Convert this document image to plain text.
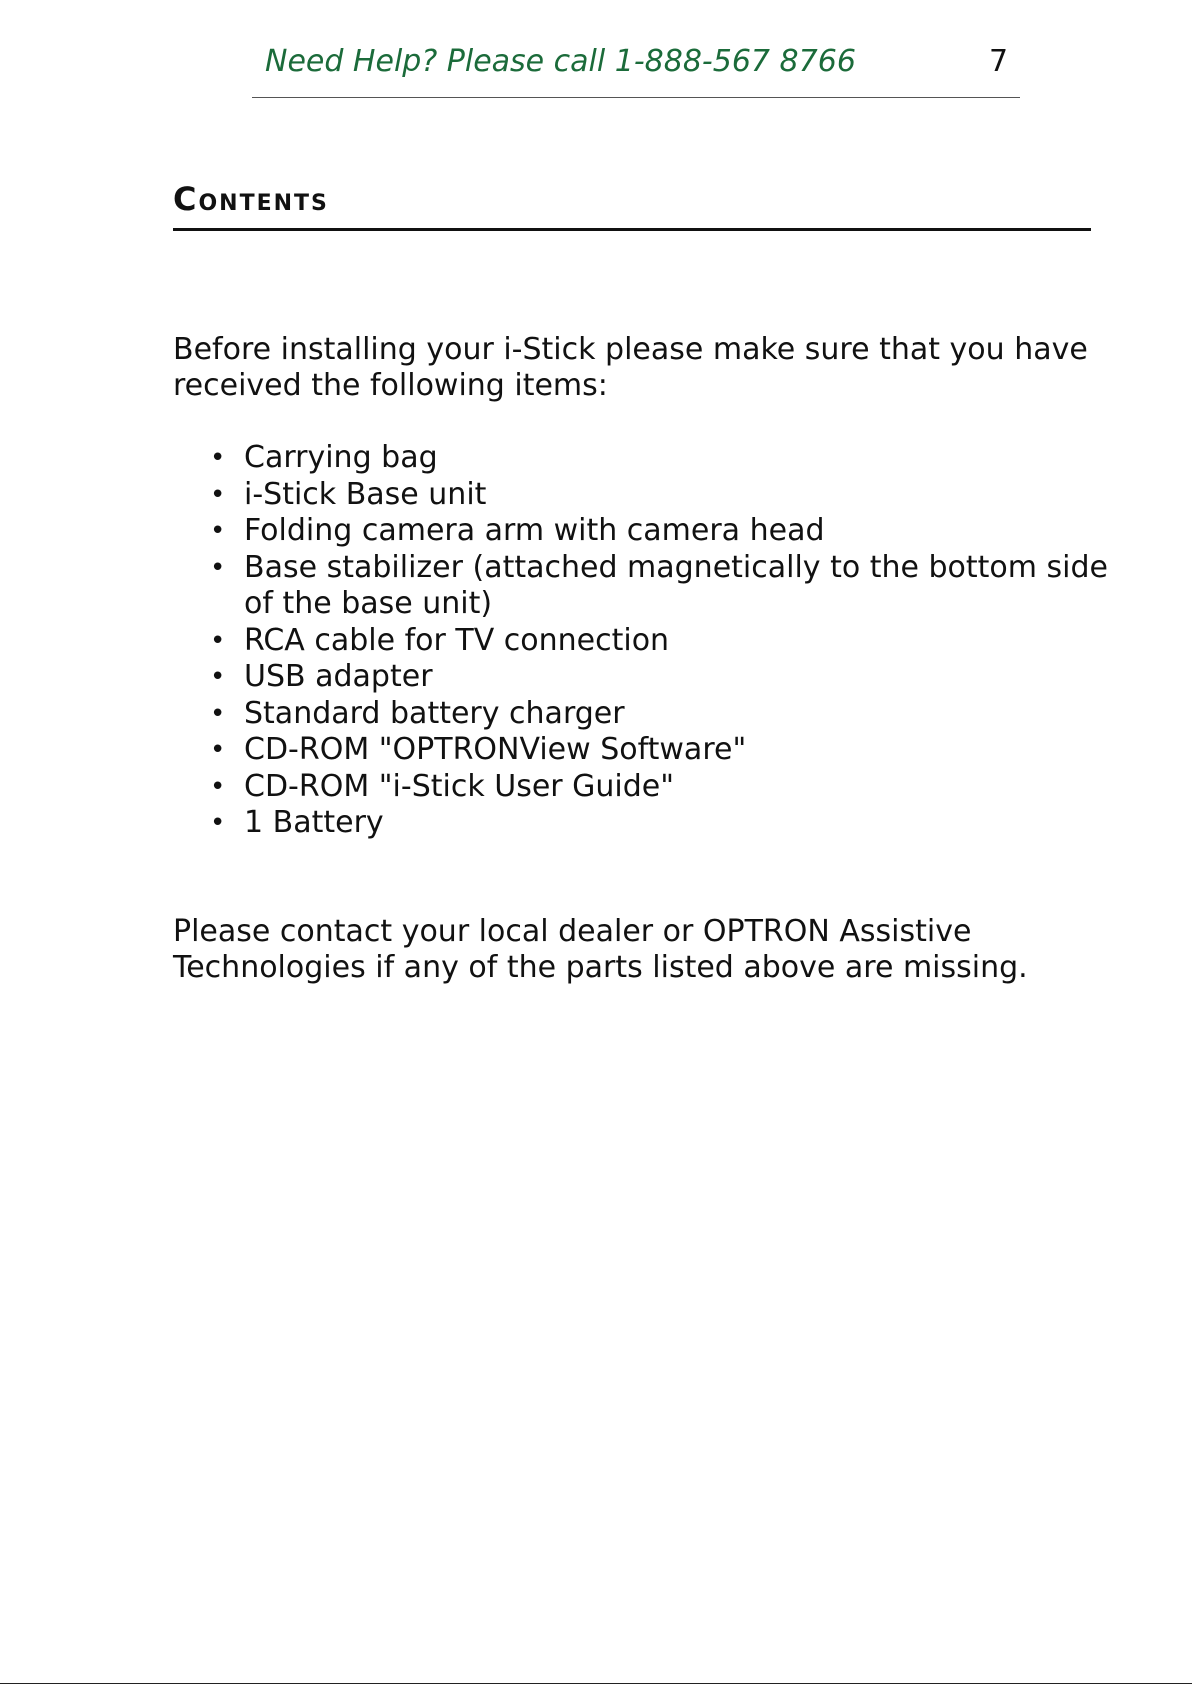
Need Help? Please call 1-888-567 8766	7
Contents

Before installing your i-Stick please make sure that you have received the following items:

• Carrying bag
• i-Stick Base unit
• Folding camera arm with camera head
• Base stabilizer (attached magnetically to the bottom side of the base unit)
• RCA cable for TV connection
• USB adapter
• Standard battery charger
• CD-ROM "OPTRONView Software"
• CD-ROM "i-Stick User Guide"
• 1 Battery

Please contact your local dealer or OPTRON Assistive Technologies if any of the parts listed above are missing.
